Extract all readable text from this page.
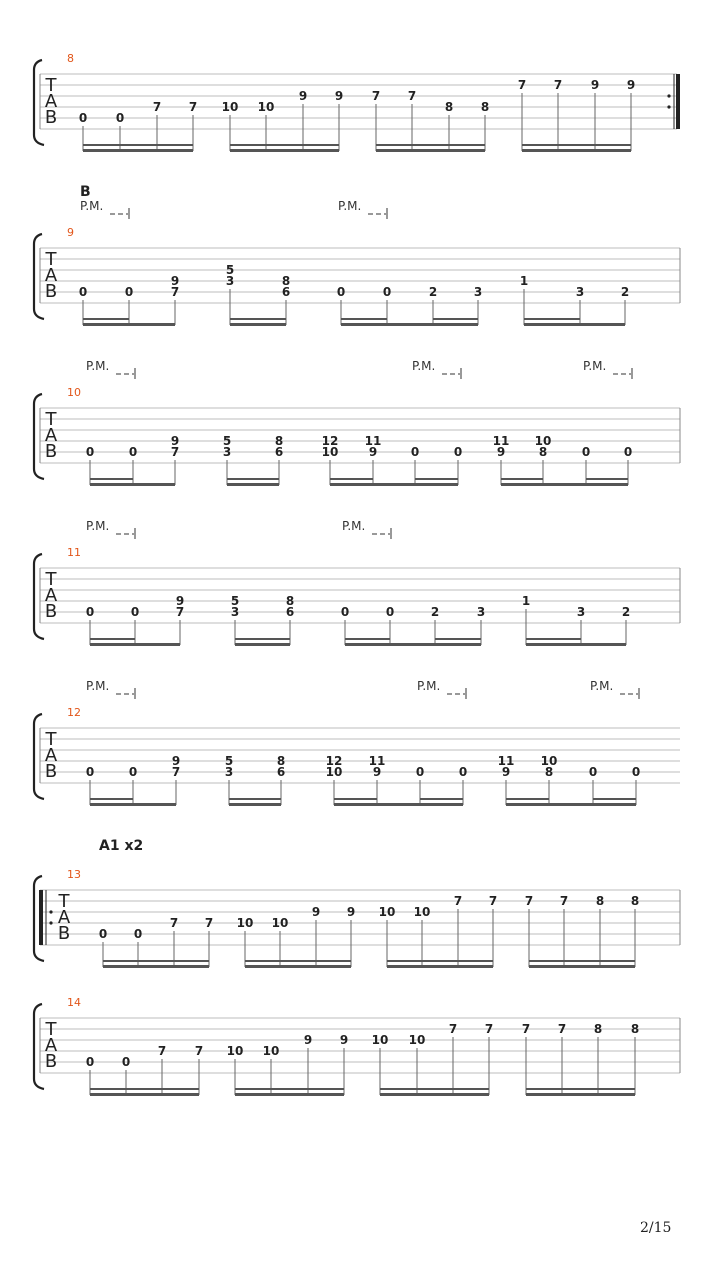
8
T
A
B 0 0
7 7 10 10
9 9 7 7
8 8
7 7 9 9
9
B
P.M.	P.M.
T
A
B 0	0
9
7
5
3	8
6	0	0	2	3
1
3	2
10
P.M.	P.M.	P.M.
T
A
B 0	0
9
7
5
3
8
6
12
10
11
9	0	0
11
9
10
8	0	0
11
P.M.	P.M.
T
A
B 0	0
9
7
5
3
8
6	0	0	2	3
1
3	2
12
P.M.	P.M.	P.M.
T
A
B 0	0
9
7
5
3
8
6
12
10
11
9	0	0
11
9
10
8	0	0
13
A1 x2
T
A
B 0 0
7 7 10 10
9 9 10 10
7 7 7 7 8 8
14
T
A
B 0 0
7 7 10 10
9 9 10 10
7 7 7 7 8 8
2/15
